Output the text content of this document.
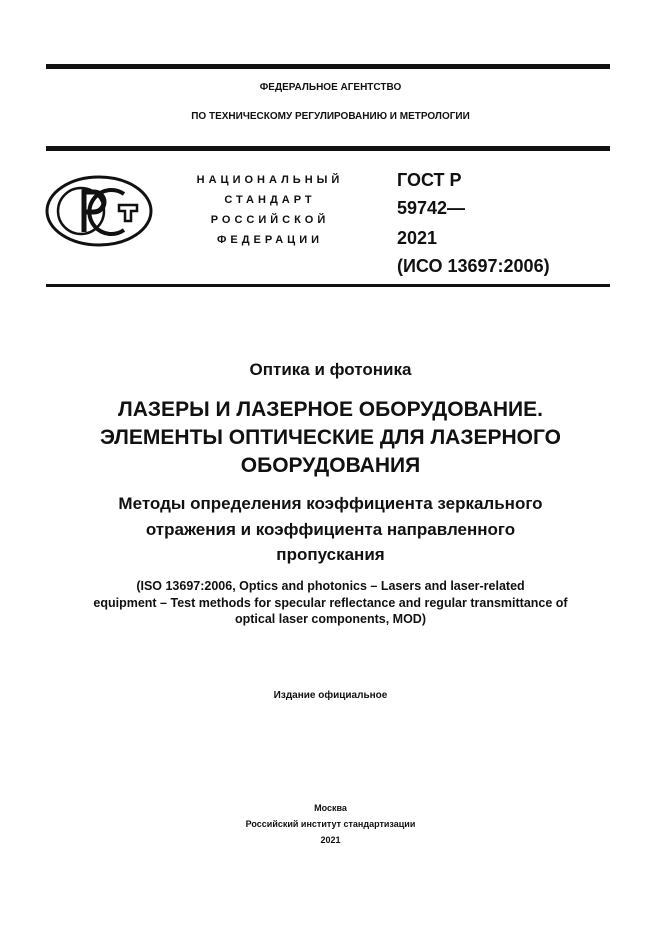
ФЕДЕРАЛЬНОЕ АГЕНТСТВО
ПО ТЕХНИЧЕСКОМУ РЕГУЛИРОВАНИЮ И МЕТРОЛОГИИ
НАЦИОНАЛЬНЫЙ
СТАНДАРТ
РОССИЙСКОЙ
ФЕДЕРАЦИИ
ГОСТ Р
59742—
2021
(ИСО 13697:2006)
Оптика и фотоника
ЛАЗЕРЫ И ЛАЗЕРНОЕ ОБОРУДОВАНИЕ.
ЭЛЕМЕНТЫ ОПТИЧЕСКИЕ ДЛЯ ЛАЗЕРНОГО
ОБОРУДОВАНИЯ
Методы определения коэффициента зеркального
отражения и коэффициента направленного
пропускания
(ISO 13697:2006, Optics and photonics – Lasers and laser-related
equipment – Test methods for specular reflectance and regular transmittance of
optical laser components, MOD)
Издание официальное
Москва
Российский институт стандартизации
2021
